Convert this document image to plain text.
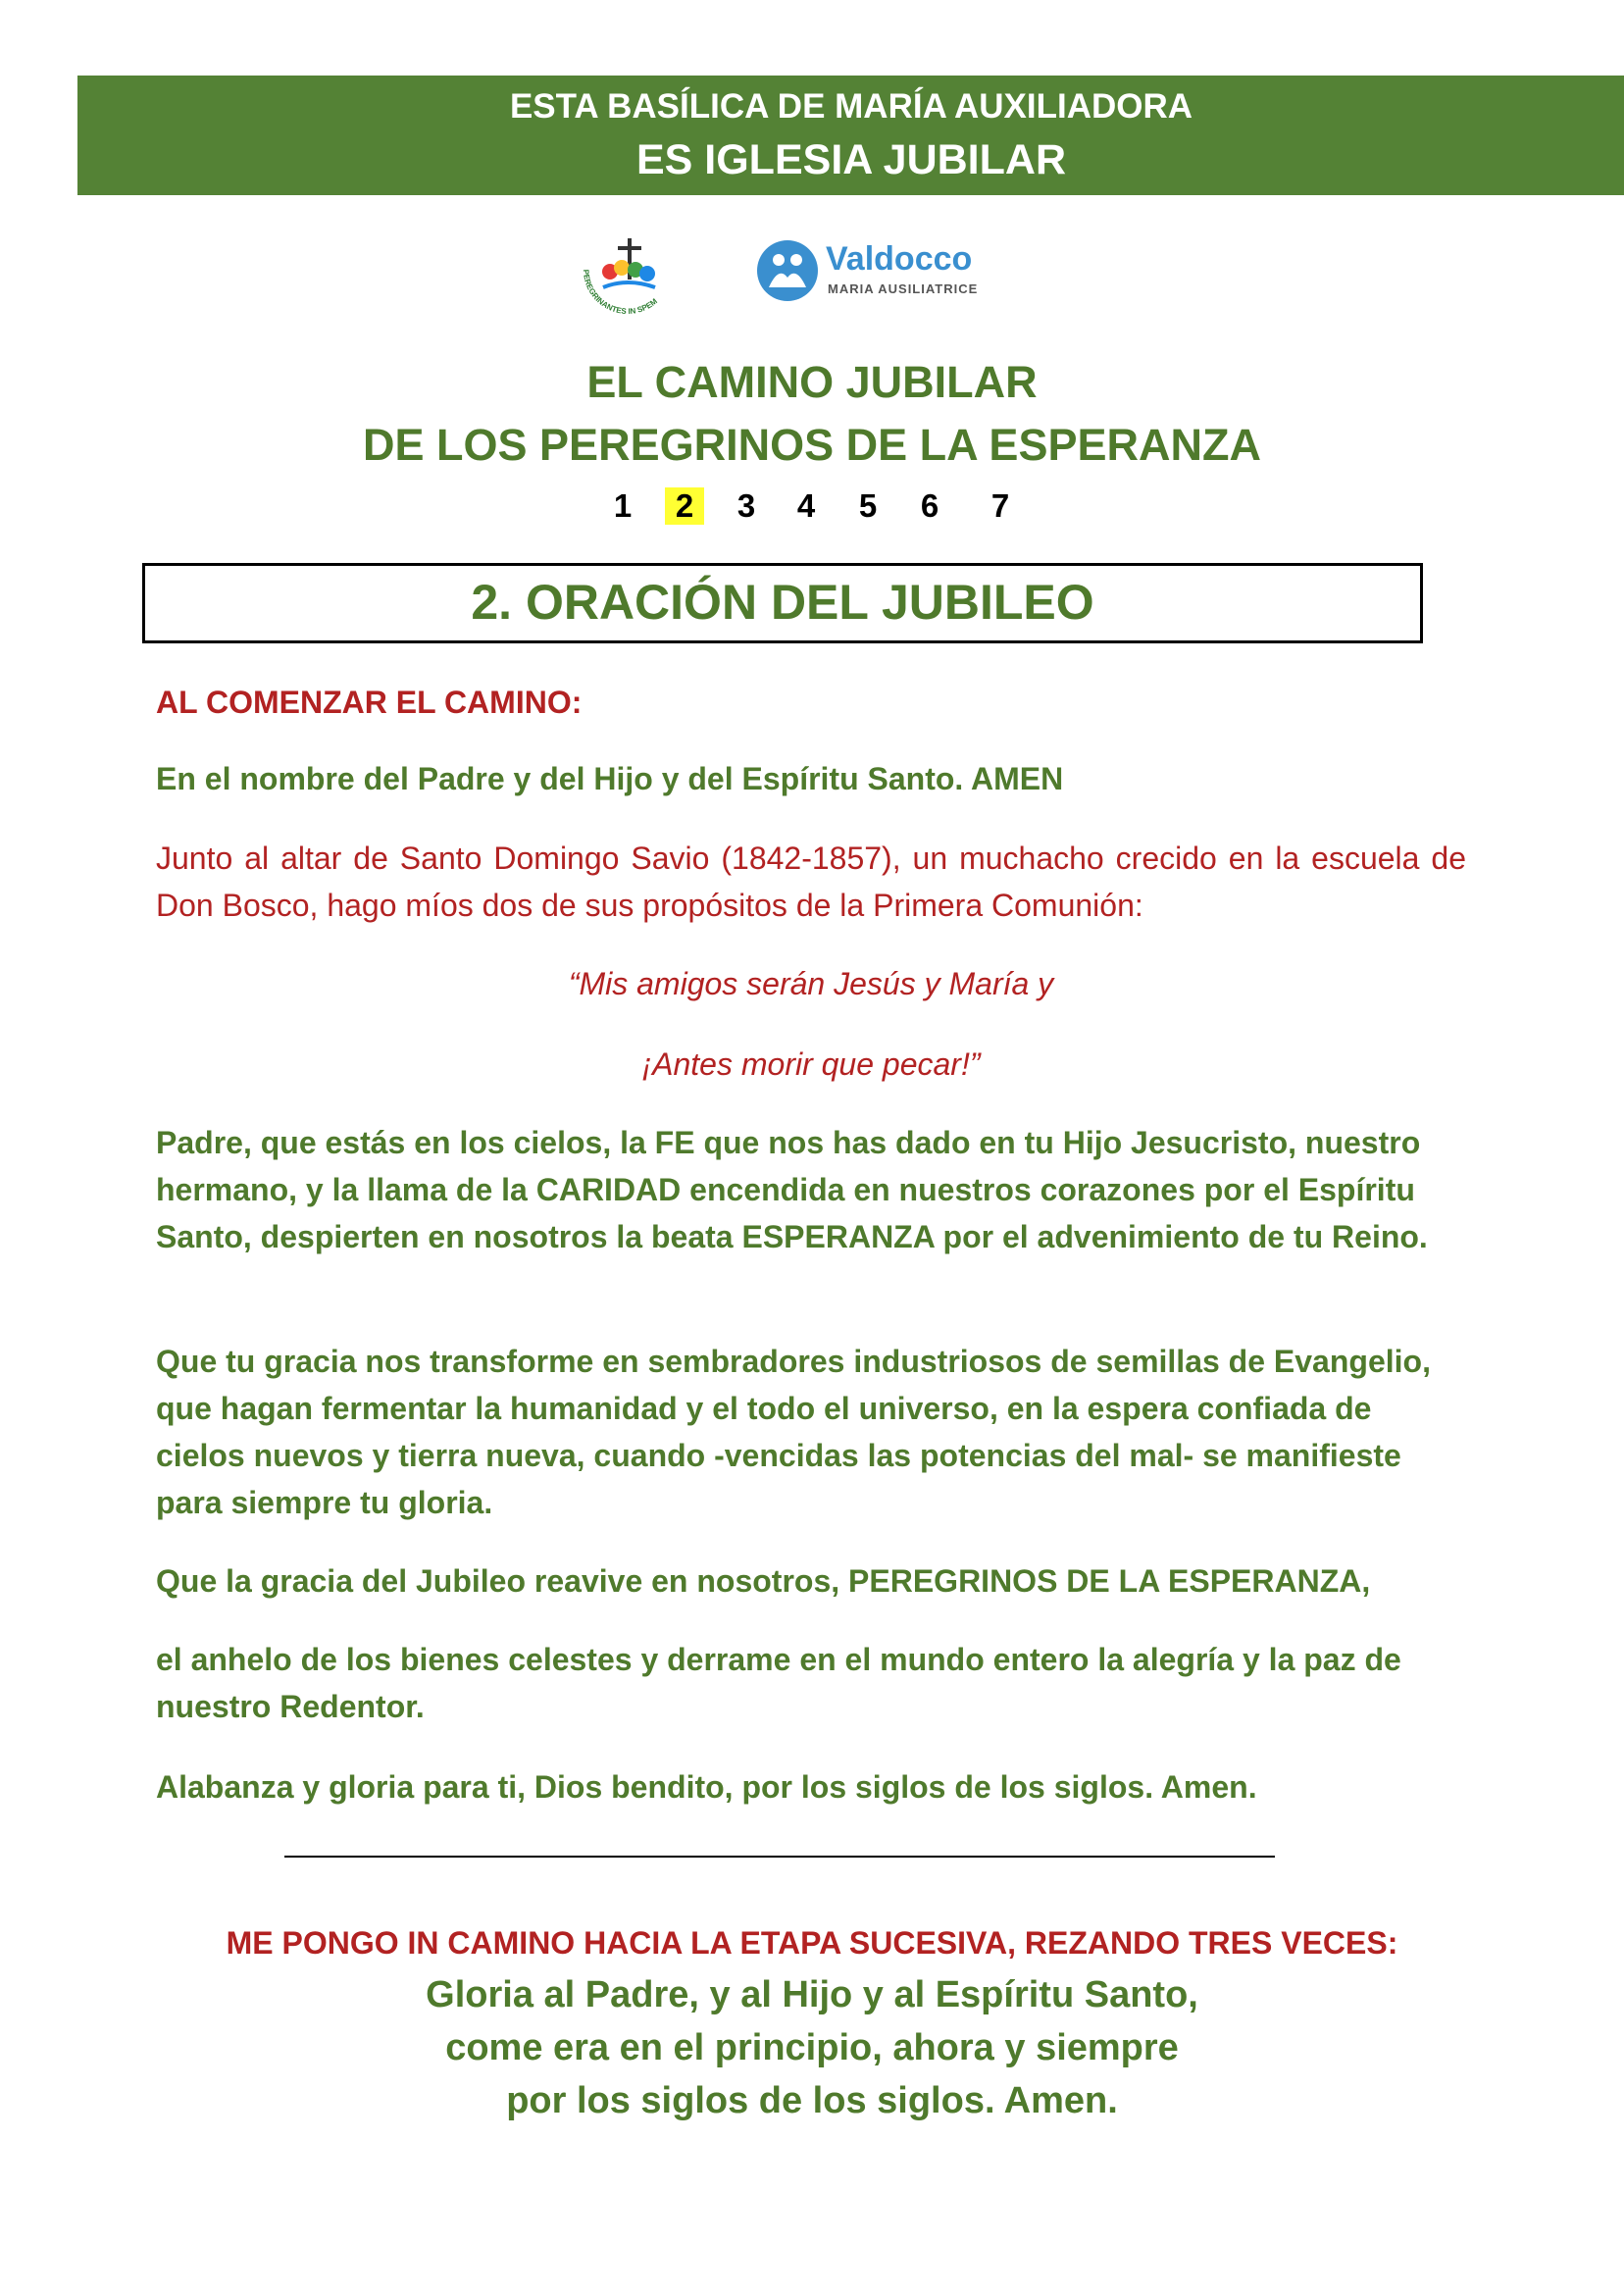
ESTA BASÍLICA DE MARÍA AUXILIADORA
ES IGLESIA JUBILAR
PEREGRINANTES IN SPEM
Valdocco
MARIA AUSILIATRICE
EL CAMINO JUBILAR
DE LOS PEREGRINOS DE LA ESPERANZA
1	2	3	4	5	6	7
2. ORACIÓN DEL JUBILEO

AL COMENZAR EL CAMINO:

En el nombre del Padre y del Hijo y del Espíritu Santo. AMEN

Junto al altar de Santo Domingo Savio (1842-1857), un muchacho crecido en la escuela de Don Bosco, hago míos dos de sus propósitos de la Primera Comunión:

“Mis amigos serán Jesús y María y

¡Antes morir que pecar!”

Padre, que estás en los cielos, la FE que nos has dado en tu Hijo Jesucristo, nuestro hermano, y la llama de la CARIDAD encendida en nuestros corazones por el Espíritu Santo, despierten en nosotros la beata ESPERANZA por el advenimiento de tu Reino.

Que tu gracia nos transforme en sembradores industriosos de semillas de Evangelio, que hagan fermentar la humanidad y el todo el universo, en la espera confiada de cielos nuevos y tierra nueva, cuando -vencidas las potencias del mal- se manifieste para siempre tu gloria.

Que la gracia del Jubileo reavive en nosotros, PEREGRINOS DE LA ESPERANZA,

el anhelo de los bienes celestes y derrame en el mundo entero la alegría y la paz de nuestro Redentor.

Alabanza y gloria para ti, Dios bendito, por los siglos de los siglos. Amen.

ME PONGO IN CAMINO HACIA LA ETAPA SUCESIVA, REZANDO TRES VECES:
Gloria al Padre, y al Hijo y al Espíritu Santo,
come era en el principio, ahora y siempre
por los siglos de los siglos. Amen.
